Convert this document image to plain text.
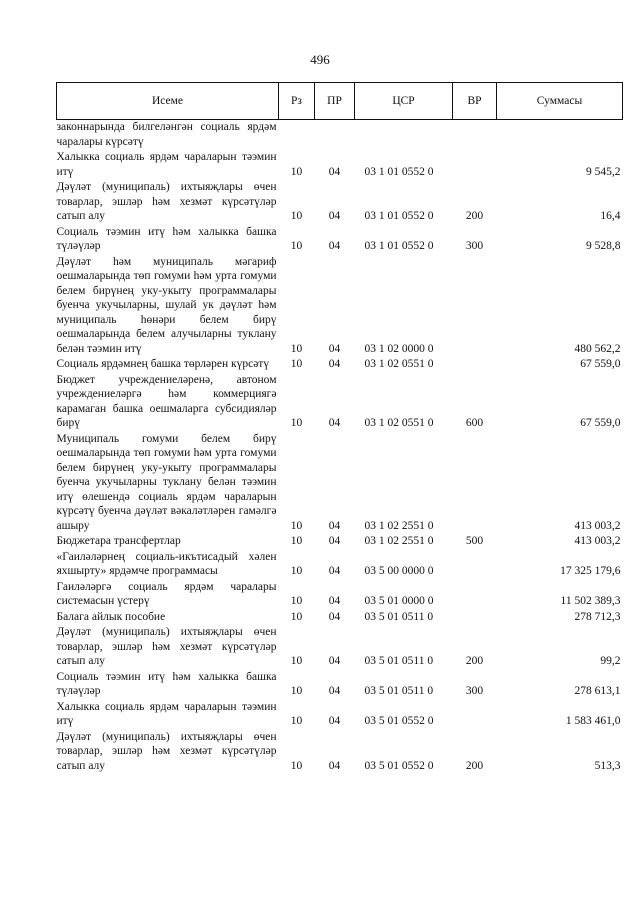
496
Исеме	Рз	ПР	ЦСР	ВР	Суммасы
законнарында билгеләнгән социаль ярдәм чаралары күрсәтү					
Халыкка социаль ярдәм чараларын тәэмин итү	10	04	03 1 01 0552 0		9 545,2
Дәүләт (муниципаль) ихтыяҗлары өчен товарлар, эшләр һәм хезмәт күрсәтүләр сатып алу	10	04	03 1 01 0552 0	200	16,4
Социаль тәэмин итү һәм халыкка башка түләүләр	10	04	03 1 01 0552 0	300	9 528,8
Дәүләт һәм муниципаль мәгариф оешмаларында төп гомуми һәм урта гомуми белем бирүнең уку-укыту программалары буенча укучыларны, шулай ук дәүләт һәм муниципаль һөнәри белем бирү оешмаларында белем алучыларны туклану белән тәэмин итү	10	04	03 1 02 0000 0		480 562,2
Социаль ярдәмнең башка төрләрен күрсәтү	10	04	03 1 02 0551 0		67 559,0
Бюджет учреждениеләренә, автоном учреждениеләргә һәм коммерциягә карамаган башка оешмаларга субсидияләр бирү	10	04	03 1 02 0551 0	600	67 559,0
Муниципаль гомуми белем бирү оешмаларында төп гомуми һәм урта гомуми белем бирүнең уку-укыту программалары буенча укучыларны туклану белән тәэмин итү өлешендә социаль ярдәм чараларын күрсәтү буенча дәүләт вәкаләтләрен гамәлгә ашыру	10	04	03 1 02 2551 0		413 003,2
Бюджетара трансфертлар	10	04	03 1 02 2551 0	500	413 003,2
«Гаиләләрнең социаль-икътисадый хәлен яхшырту» ярдәмче программасы	10	04	03 5 00 0000 0		17 325 179,6
Гаиләләргә социаль ярдәм чаралары системасын үстерү	10	04	03 5 01 0000 0		11 502 389,3
Балага айлык пособие	10	04	03 5 01 0511 0		278 712,3
Дәүләт (муниципаль) ихтыяҗлары өчен товарлар, эшләр һәм хезмәт күрсәтүләр сатып алу	10	04	03 5 01 0511 0	200	99,2
Социаль тәэмин итү һәм халыкка башка түләүләр	10	04	03 5 01 0511 0	300	278 613,1
Халыкка социаль ярдәм чараларын тәэмин итү	10	04	03 5 01 0552 0		1 583 461,0
Дәүләт (муниципаль) ихтыяҗлары өчен товарлар, эшләр һәм хезмәт күрсәтүләр сатып алу	10	04	03 5 01 0552 0	200	513,3
